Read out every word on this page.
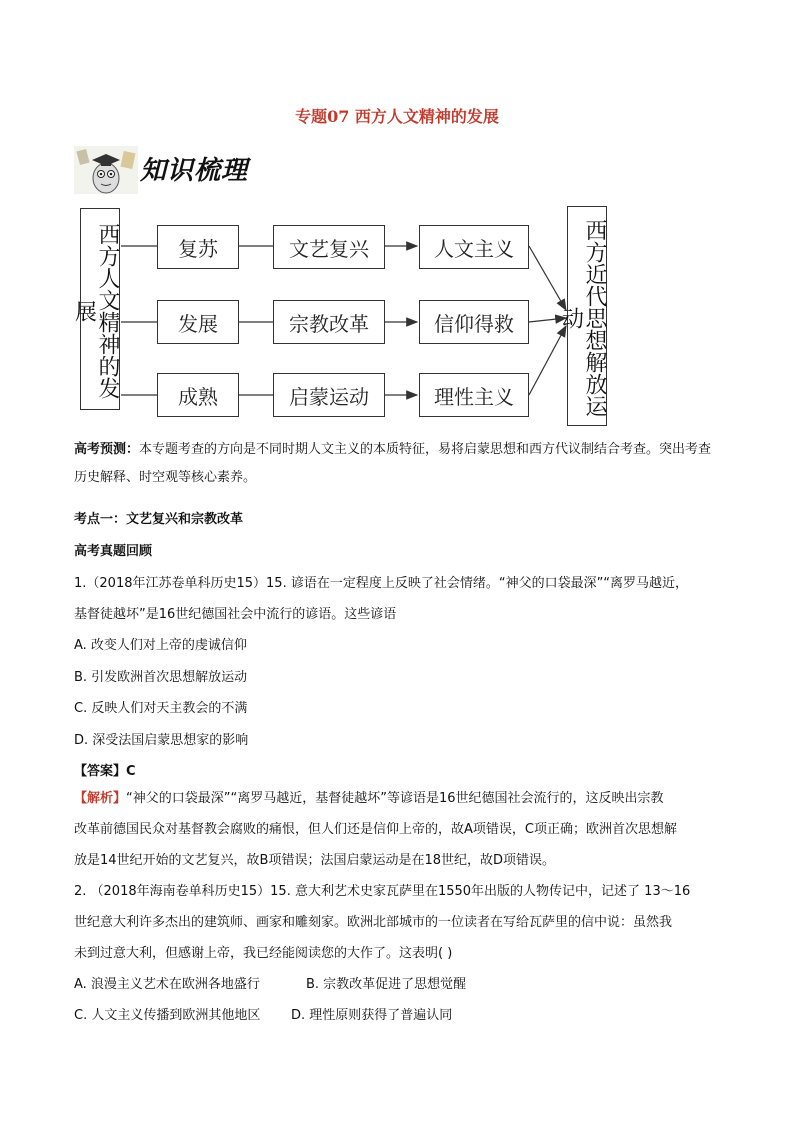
专题07 西方人文精神的发展
知识梳理
西方人文精神的发展	西方近代思想解放运动
复苏	文艺复兴	人文主义
发展	宗教改革	信仰得救
成熟	启蒙运动	理性主义
高考预测：本专题考查的方向是不同时期人文主义的本质特征，易将启蒙思想和西方代议制结合考查。突出考查历史解释、时空观等核心素养。
考点一：文艺复兴和宗教改革
高考真题回顾
1.（2018年江苏卷单科历史15）15. 谚语在一定程度上反映了社会情绪。“神父的口袋最深”“离罗马越近，
基督徒越坏”是16世纪德国社会中流行的谚语。这些谚语
A. 改变人们对上帝的虔诚信仰
B. 引发欧洲首次思想解放运动
C. 反映人们对天主教会的不满
D. 深受法国启蒙思想家的影响
【答案】C
【解析】“神父的口袋最深”“离罗马越近，基督徒越坏”等谚语是16世纪德国社会流行的，这反映出宗教
改革前德国民众对基督教会腐败的痛恨，但人们还是信仰上帝的，故A项错误，C项正确；欧洲首次思想解
放是14世纪开始的文艺复兴，故B项错误；法国启蒙运动是在18世纪，故D项错误。
2. （2018年海南卷单科历史15）15. 意大利艺术史家瓦萨里在1550年出版的人物传记中，记述了 13～16
世纪意大利许多杰出的建筑师、画家和雕刻家。欧洲北部城市的一位读者在写给瓦萨里的信中说：虽然我
未到过意大利，但感谢上帝，我已经能阅读您的大作了。这表明( )
A. 浪漫主义艺术在欧洲各地盛行	B. 宗教改革促进了思想觉醒
C. 人文主义传播到欧洲其他地区 D. 理性原则获得了普遍认同
